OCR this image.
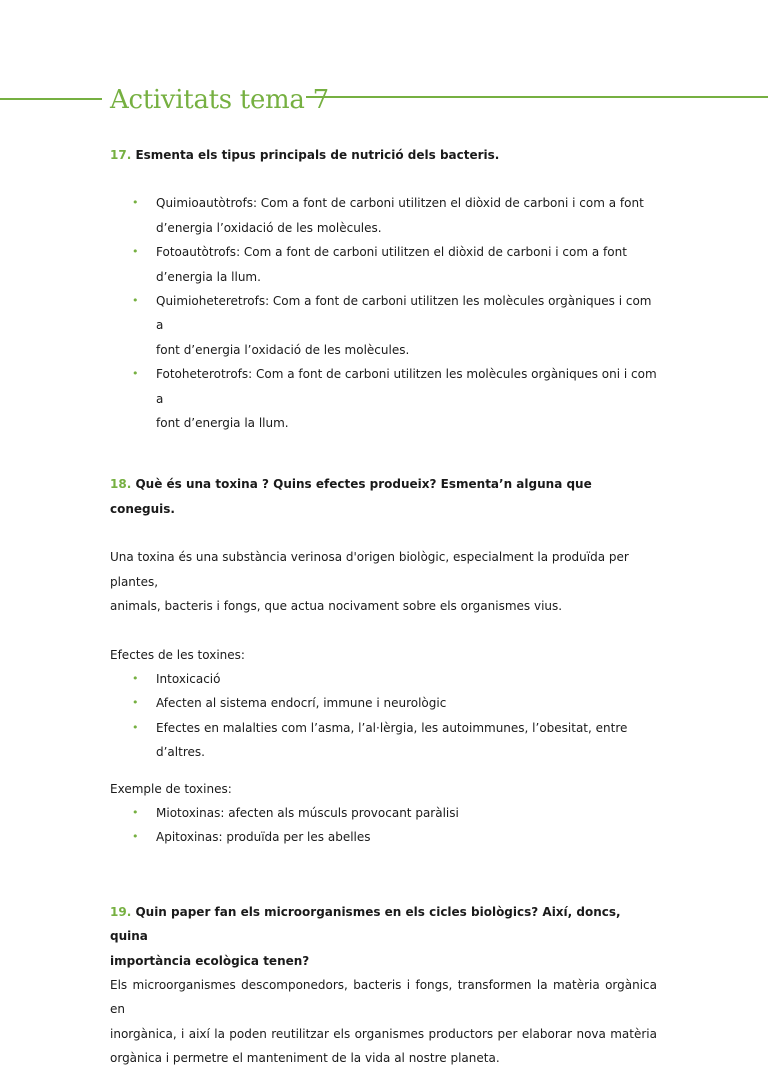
Activitats tema 7

17. Esmenta els tipus principals de nutrició dels bacteris.

• Quimioautòtrofs: Com a font de carboni utilitzen el diòxid de carboni i com a font
d’energia l’oxidació de les molècules.
• Fotoautòtrofs: Com a font de carboni utilitzen el diòxid de carboni i com a font
d’energia la llum.
• Quimioheteretrofs: Com a font de carboni utilitzen les molècules orgàniques i com a
font d’energia l’oxidació de les molècules.
• Fotoheterotrofs: Com a font de carboni utilitzen les molècules orgàniques oni i com a
font d’energia la llum.

18. Què és una toxina ? Quins efectes produeix? Esmenta’n alguna que coneguis.

Una toxina és una substància verinosa d'origen biològic, especialment la produïda per plantes,
animals, bacteris i fongs, que actua nocivament sobre els organismes vius.

Efectes de les toxines:

• Intoxicació
• Afecten al sistema endocrí, immune i neurològic
• Efectes en malalties com l’asma, l’al·lèrgia, les autoimmunes, l’obesitat, entre d’altres.

Exemple de toxines:

• Miotoxinas: afecten als músculs provocant paràlisi
• Apitoxinas: produïda per les abelles

19. Quin paper fan els microorganismes en els cicles biològics? Així, doncs, quina
importància ecològica tenen?

Els microorganismes descomponedors, bacteris i fongs, transformen la matèria orgànica en
inorgànica, i així la poden reutilitzar els organismes productors per elaborar nova matèria
orgànica i permetre el manteniment de la vida al nostre planeta.
